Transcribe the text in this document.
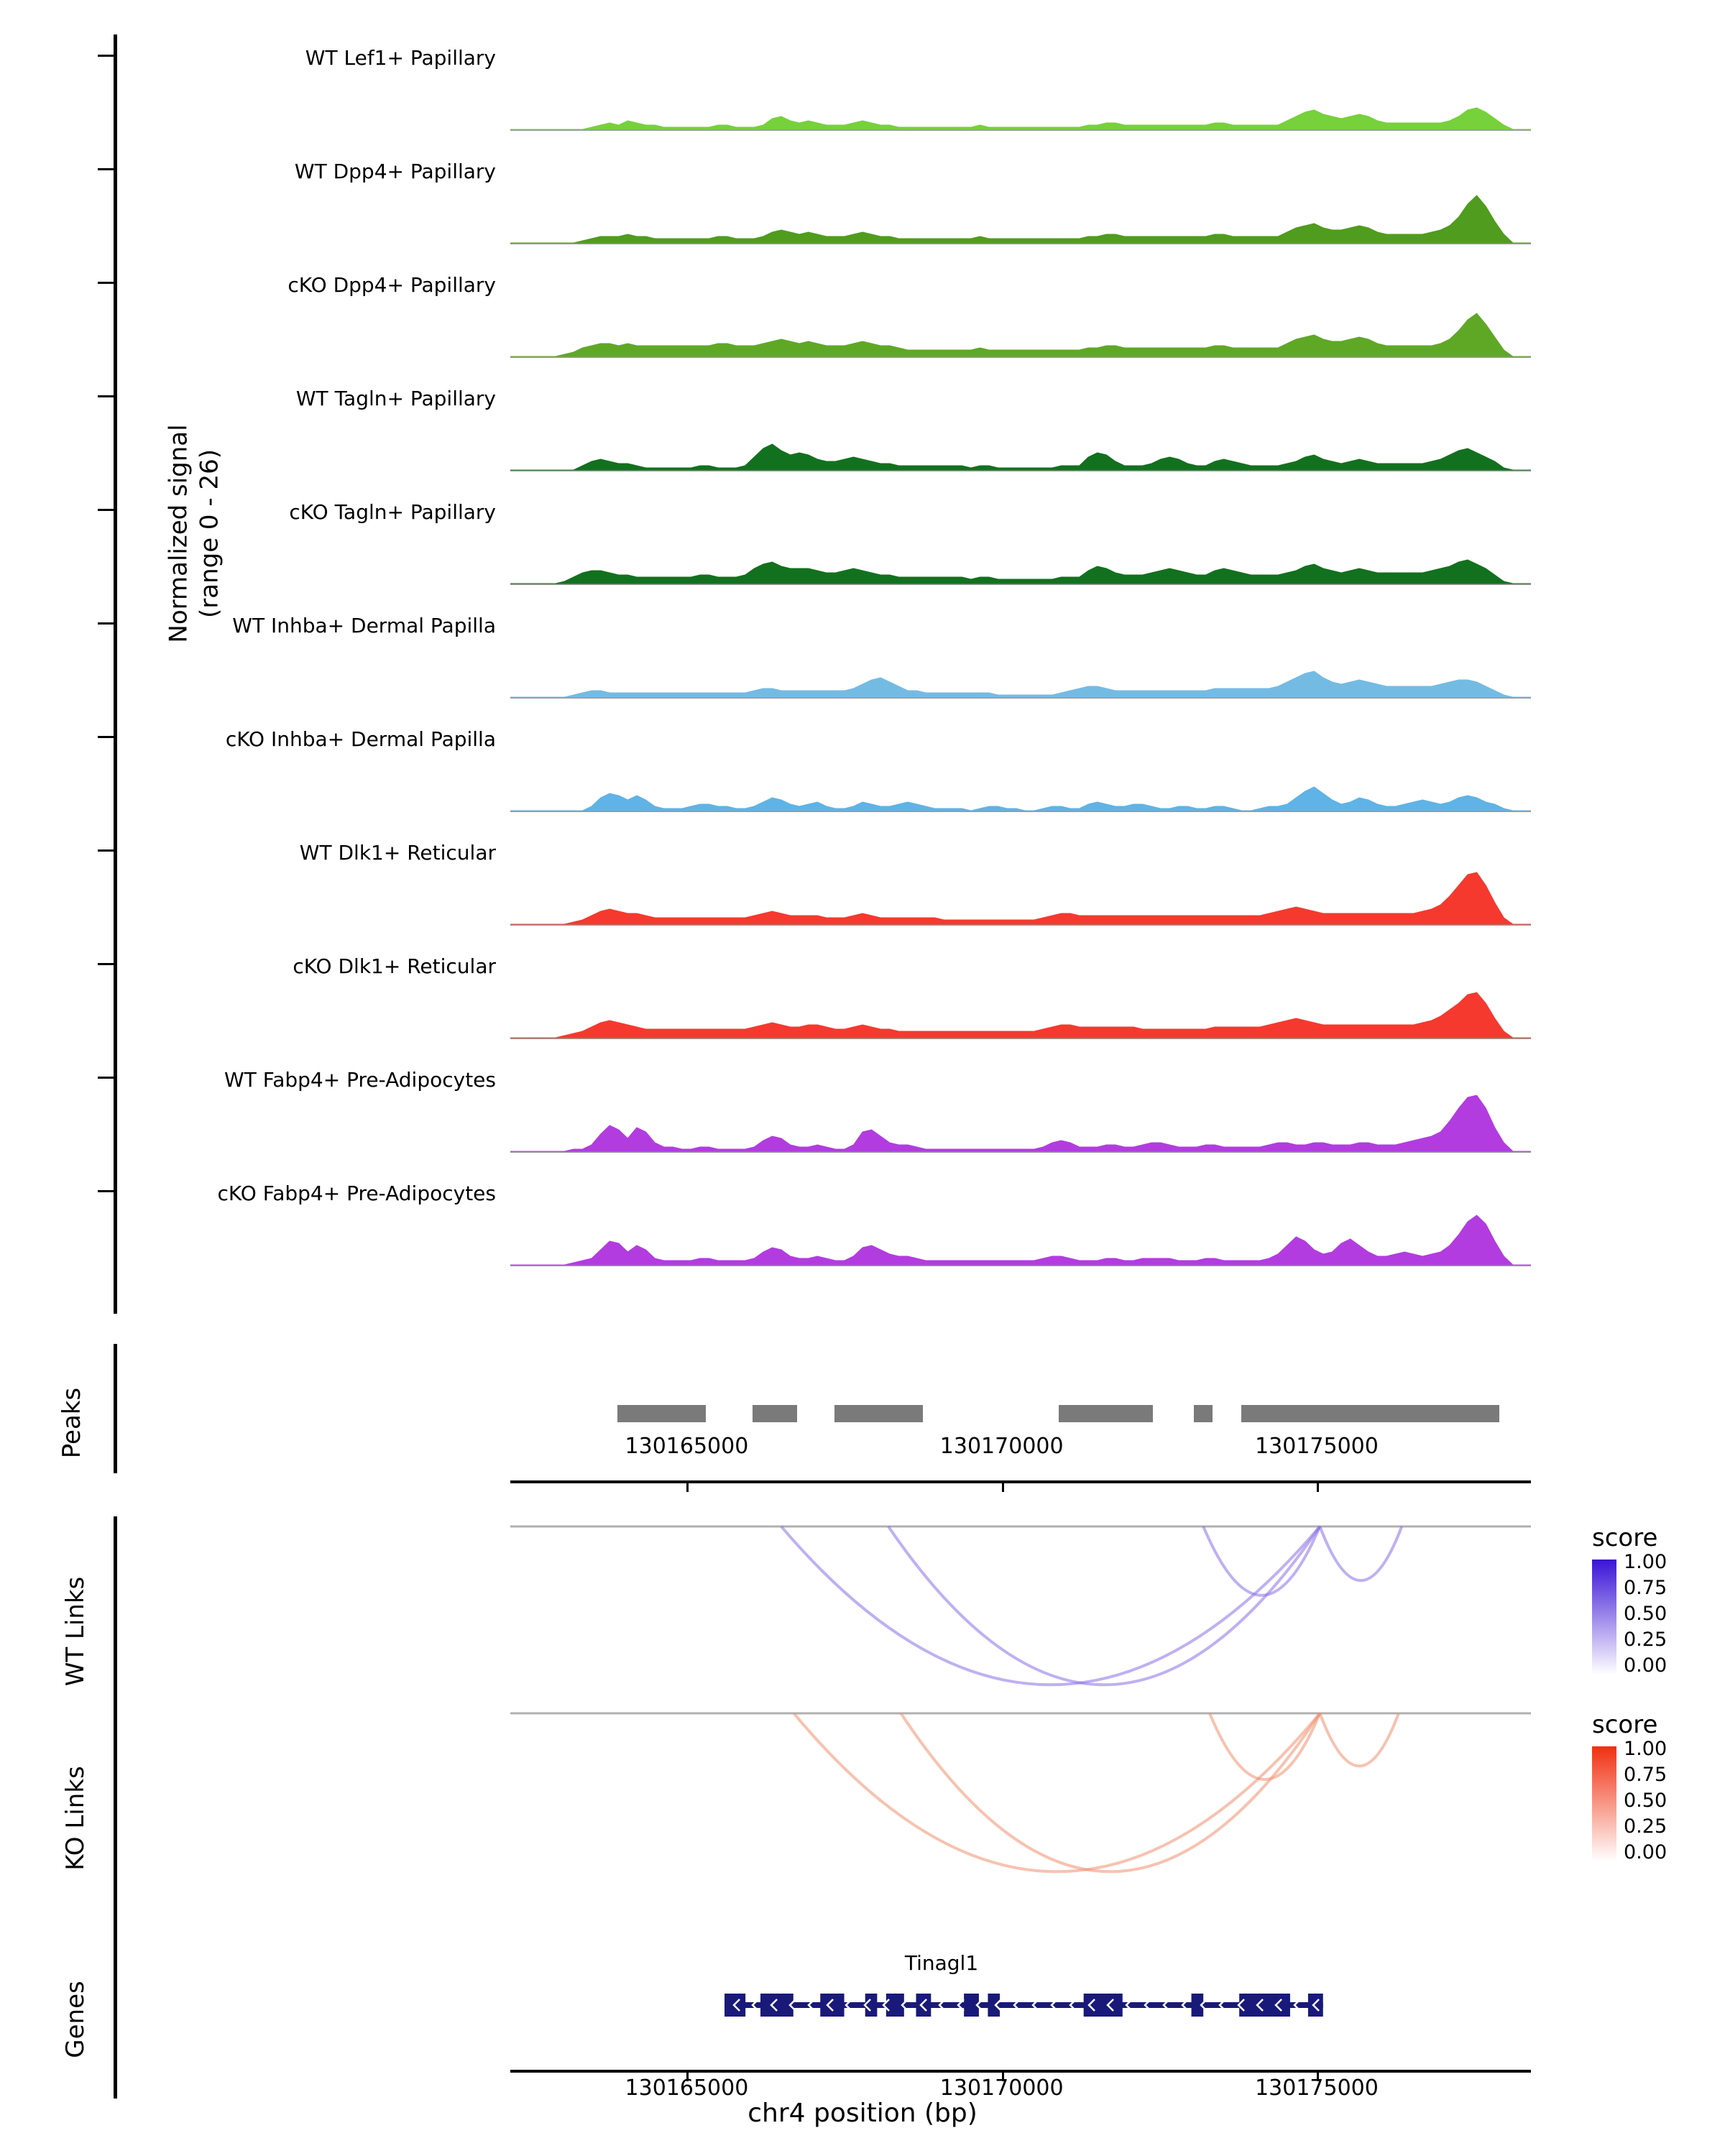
Normalized signal (range 0 - 26)
WT Lef1+ Papillary
WT Dpp4+ Papillary
cKO Dpp4+ Papillary
WT Tagln+ Papillary
cKO Tagln+ Papillary
WT Inhba+ Dermal Papilla
cKO Inhba+ Dermal Papilla
WT Dlk1+ Reticular
cKO Dlk1+ Reticular
WT Fabp4+ Pre-Adipocytes
cKO Fabp4+ Pre-Adipocytes
Peaks	130165000	130170000	130175000
WT Links
KO Links
score
1.00
0.75
0.50
0.25
0.00
score
1.00
0.75
0.50
0.25
0.00
Genes
Tinagl1
130165000	130170000	130175000
chr4 position (bp)
